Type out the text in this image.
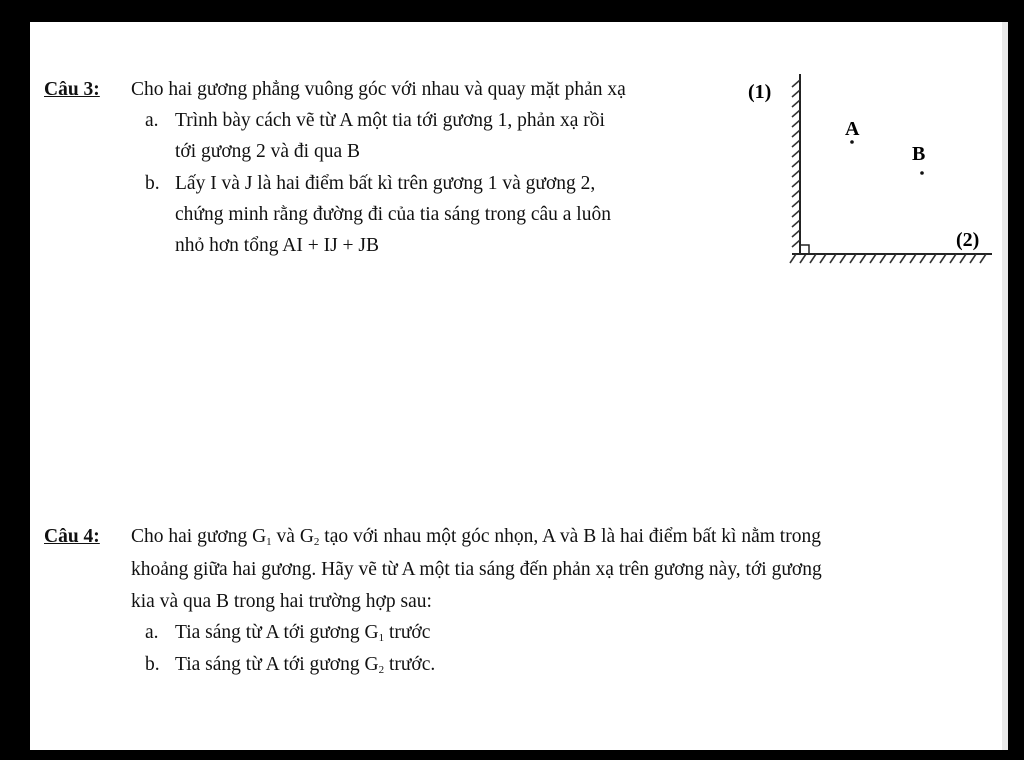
Câu 3: Cho hai gương phẳng vuông góc với nhau và quay mặt phản xạ
a. Trình bày cách vẽ từ A một tia tới gương 1, phản xạ rồi
tới gương 2 và đi qua B
b. Lấy I và J là hai điểm bất kì trên gương 1 và gương 2,
chứng minh rằng đường đi của tia sáng trong câu a luôn
nhỏ hơn tổng AI + IJ + JB
(1)
(2)
A
B
Câu 4: Cho hai gương $G_1$ và $G_2$ tạo với nhau một góc nhọn, A và B là hai điểm bất kì nằm trong
khoảng giữa hai gương. Hãy vẽ từ A một tia sáng đến phản xạ trên gương này, tới gương
kia và qua B trong hai trường hợp sau:
a. Tia sáng từ A tới gương $G_1$ trước
b. Tia sáng từ A tới gương $G_2$ trước.
